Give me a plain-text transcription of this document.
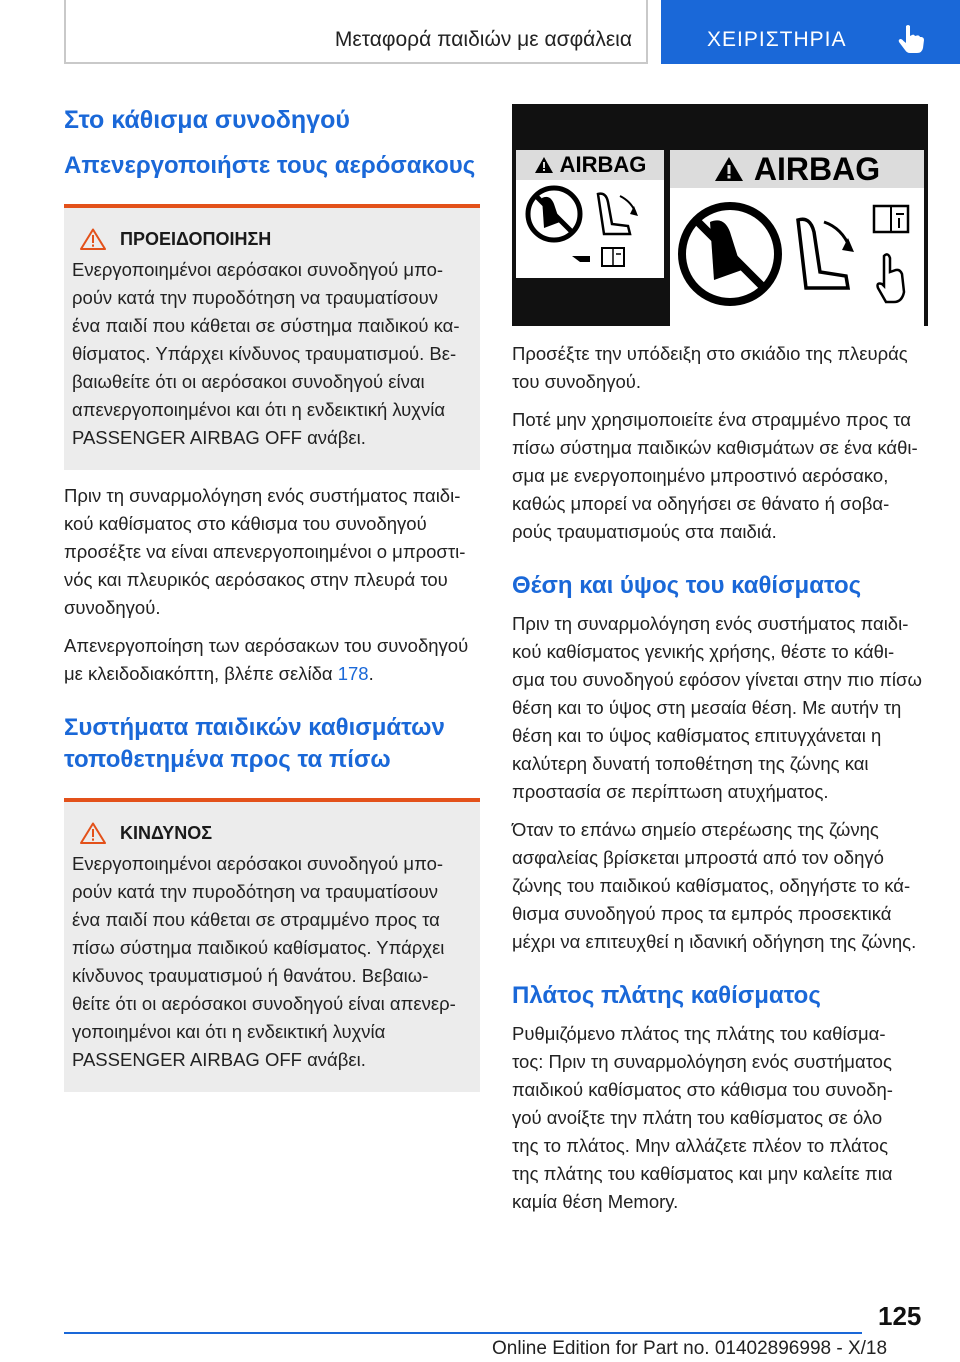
Μεταφορά παιδιών με ασφάλεια	ΧΕΙΡΙΣΤΗΡΙΑ
Στο κάθισμα συνοδηγού
Απενεργοποιήστε τους αερόσακους
ΠΡΟΕΙΔΟΠΟΙΗΣΗ
Ενεργοποιημένοι αερόσακοι συνοδηγού μπο-
ρούν κατά την πυροδότηση να τραυματίσουν
ένα παιδί που κάθεται σε σύστημα παιδικού κα-
θίσματος. Υπάρχει κίνδυνος τραυματισμού. Βε-
βαιωθείτε ότι οι αερόσακοι συνοδηγού είναι
απενεργοποιημένοι και ότι η ενδεικτική λυχνία
PASSENGER AIRBAG OFF ανάβει.

Πριν τη συναρμολόγηση ενός συστήματος παιδι-
κού καθίσματος στο κάθισμα του συνοδηγού
προσέξτε να είναι απενεργοποιημένοι ο μπροστι-
νός και πλευρικός αερόσακος στην πλευρά του
συνοδηγού.

Απενεργοποίηση των αερόσακων του συνοδηγού
με κλειδοδιακόπτη, βλέπε σελίδα 178.

Συστήματα παιδικών καθισμάτων
τοποθετημένα προς τα πίσω
ΚΙΝΔΥΝΟΣ
Ενεργοποιημένοι αερόσακοι συνοδηγού μπο-
ρούν κατά την πυροδότηση να τραυματίσουν
ένα παιδί που κάθεται σε στραμμένο προς τα
πίσω σύστημα παιδικού καθίσματος. Υπάρχει
κίνδυνος τραυματισμού ή θανάτου. Βεβαιω-
θείτε ότι οι αερόσακοι συνοδηγού είναι απενερ-
γοποιημένοι και ότι η ενδεικτική λυχνία
PASSENGER AIRBAG OFF ανάβει.
AIRBAG	AIRBAG

Προσέξτε την υπόδειξη στο σκιάδιο της πλευράς
του συνοδηγού.

Ποτέ μην χρησιμοποιείτε ένα στραμμένο προς τα
πίσω σύστημα παιδικών καθισμάτων σε ένα κάθι-
σμα με ενεργοποιημένο μπροστινό αερόσακο,
καθώς μπορεί να οδηγήσει σε θάνατο ή σοβα-
ρούς τραυματισμούς στα παιδιά.

Θέση και ύψος του καθίσματος

Πριν τη συναρμολόγηση ενός συστήματος παιδι-
κού καθίσματος γενικής χρήσης, θέστε το κάθι-
σμα του συνοδηγού εφόσον γίνεται στην πιο πίσω
θέση και το ύψος στη μεσαία θέση. Με αυτήν τη
θέση και το ύψος καθίσματος επιτυγχάνεται η
καλύτερη δυνατή τοποθέτηση της ζώνης και
προστασία σε περίπτωση ατυχήματος.

Όταν το επάνω σημείο στερέωσης της ζώνης
ασφαλείας βρίσκεται μπροστά από τον οδηγό
ζώνης του παιδικού καθίσματος, οδηγήστε το κά-
θισμα συνοδηγού προς τα εμπρός προσεκτικά
μέχρι να επιτευχθεί η ιδανική οδήγηση της ζώνης.

Πλάτος πλάτης καθίσματος

Ρυθμιζόμενο πλάτος της πλάτης του καθίσμα-
τος: Πριν τη συναρμολόγηση ενός συστήματος
παιδικού καθίσματος στο κάθισμα του συνοδη-
γού ανοίξτε την πλάτη του καθίσματος σε όλο
της το πλάτος. Μην αλλάζετε πλέον το πλάτος
της πλάτης του καθίσματος και μην καλείτε πια
καμία θέση Memory.

125
Online Edition for Part no. 01402896998 - X/18
